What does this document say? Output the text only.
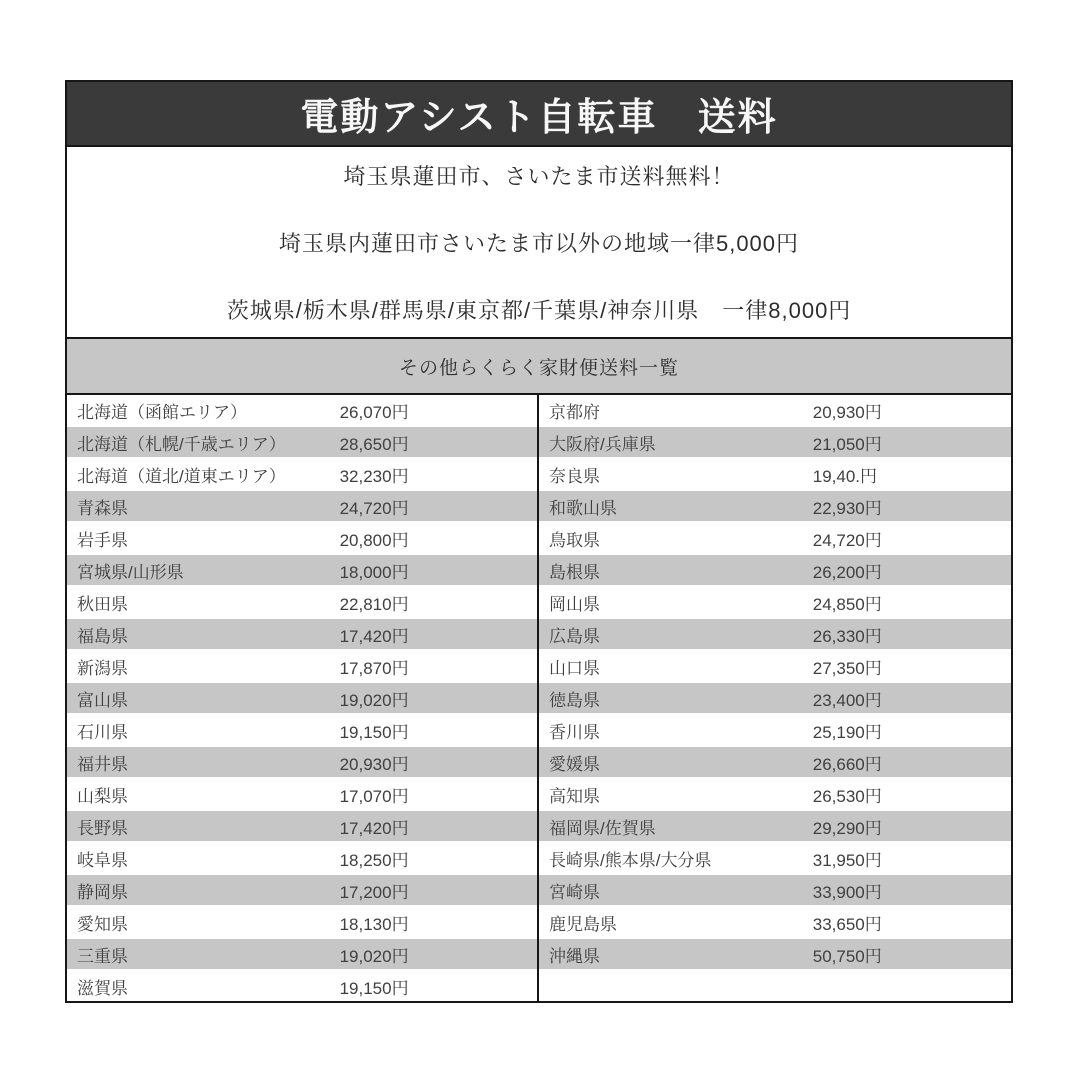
電動アシスト自転車　送料

埼玉県蓮田市、さいたま市送料無料！

埼玉県内蓮田市さいたま市以外の地域一律5,000円

茨城県/栃木県/群馬県/東京都/千葉県/神奈川県　一律8,000円

その他らくらく家財便送料一覧
北海道（函館エリア）	26,070円
北海道（札幌/千歳エリア）	28,650円
北海道（道北/道東エリア）	32,230円
青森県	24,720円
岩手県	20,800円
宮城県/山形県	18,000円
秋田県	22,810円
福島県	17,420円
新潟県	17,870円
富山県	19,020円
石川県	19,150円
福井県	20,930円
山梨県	17,070円
長野県	17,420円
岐阜県	18,250円
静岡県	17,200円
愛知県	18,130円
三重県	19,020円
滋賀県	19,150円
京都府	20,930円
大阪府/兵庫県	21,050円
奈良県	19,40.円
和歌山県	22,930円
鳥取県	24,720円
島根県	26,200円
岡山県	24,850円
広島県	26,330円
山口県	27,350円
徳島県	23,400円
香川県	25,190円
愛媛県	26,660円
高知県	26,530円
福岡県/佐賀県	29,290円
長崎県/熊本県/大分県	31,950円
宮崎県	33,900円
鹿児島県	33,650円
沖縄県	50,750円
